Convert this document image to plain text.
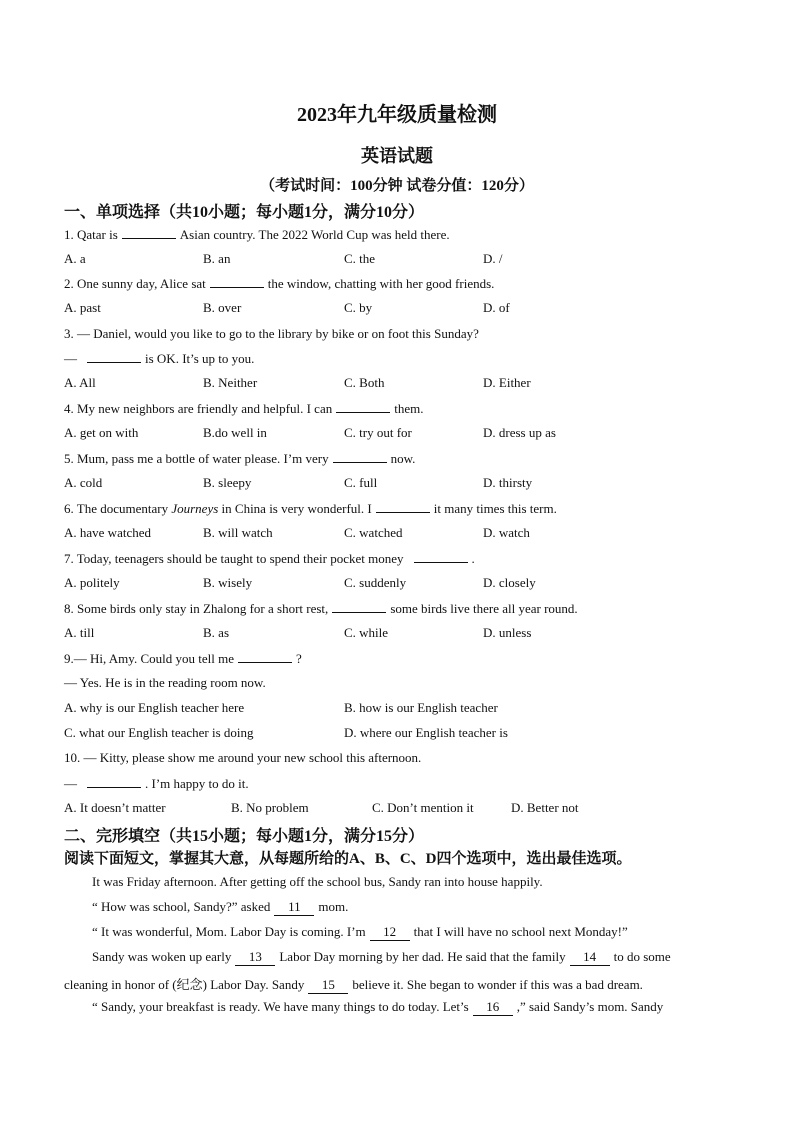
2023年九年级质量检测
英语试题
（考试时间：100分钟 试卷分值：120分）
一、单项选择（共10小题；每小题1分，满分10分）
1. Qatar is	Asian country. The 2022 World Cup was held there.
A. a	B. an	C. the	D. /
2. One sunny day, Alice sat	the window, chatting with her good friends.
A. past	B. over	C. by	D. of
3. — Daniel, would you like to go to the library by bike or on foot this Sunday?
—	is OK. It’s up to you.
A. All	B. Neither	C. Both	D. Either
4. My new neighbors are friendly and helpful. I can	them.
A. get on with	B.do well in	C. try out for	D. dress up as
5. Mum, pass me a bottle of water please. I’m very	now.
A. cold	B. sleepy	C. full	D. thirsty
6. The documentary Journeys in China is very wonderful. I	it many times this term.
A. have watched	B. will watch	C. watched	D. watch
7. Today, teenagers should be taught to spend their pocket money	.
A. politely	B. wisely	C. suddenly	D. closely
8. Some birds only stay in Zhalong for a short rest,	some birds live there all year round.
A. till	B. as	C. while	D. unless
9.— Hi, Amy. Could you tell me	?
— Yes. He is in the reading room now.
A. why is our English teacher here	B. how is our English teacher
C. what our English teacher is doing	D. where our English teacher is
10. — Kitty, please show me around your new school this afternoon.
—	. I’m happy to do it.
A. It doesn’t matter	B. No problem	C. Don’t mention it	D. Better not
二、完形填空（共15小题；每小题1分，满分15分）
阅读下面短文，掌握其大意，从每题所给的A、B、C、D四个选项中，选出最佳选项。
It was Friday afternoon. After getting off the school bus, Sandy ran into house happily.
“ How was school, Sandy?” asked 11 mom.
“ It was wonderful, Mom. Labor Day is coming. I’m 12 that I will have no school next Monday!”
Sandy was woken up early 13 Labor Day morning by her dad. He said that the family 14 to do some
cleaning in honor of (纪念) Labor Day. Sandy 15 believe it. She began to wonder if this was a bad dream.
“ Sandy, your breakfast is ready. We have many things to do today. Let’s 16 ,” said Sandy’s mom. Sandy
